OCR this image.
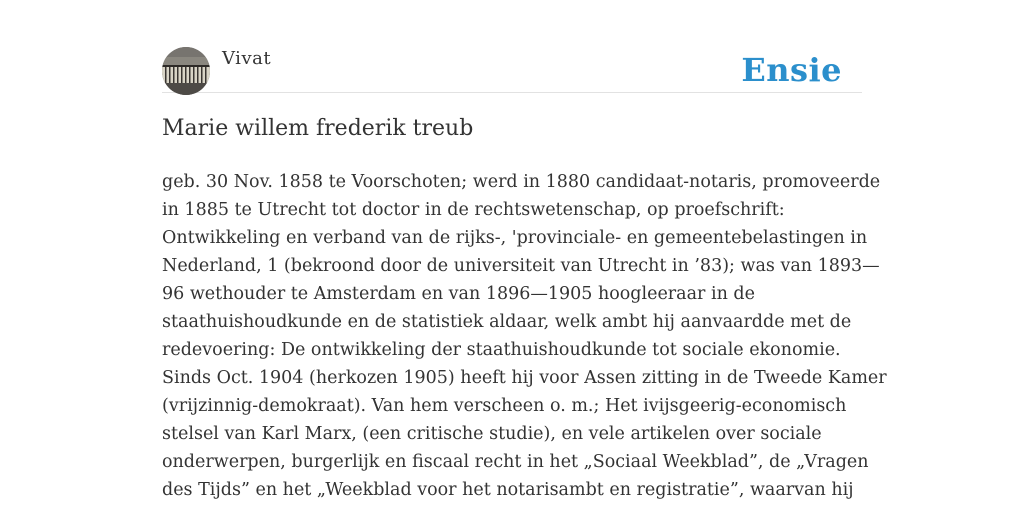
Vivat	Ensie
Marie willem frederik treub
geb. 30 Nov. 1858 te Voorschoten; werd in 1880 candidaat-notaris, promoveerde
in 1885 te Utrecht tot doctor in de rechtswetenschap, op proefschrift:
Ontwikkeling en verband van de rijks-, 'provinciale- en gemeentebelastingen in
Nederland, 1 (bekroond door de universiteit van Utrecht in ’83); was van 1893—
96 wethouder te Amsterdam en van 1896—1905 hoogleeraar in de
staathuishoudkunde en de statistiek aldaar, welk ambt hij aanvaardde met de
redevoering: De ontwikkeling der staathuishoudkunde tot sociale ekonomie.
Sinds Oct. 1904 (herkozen 1905) heeft hij voor Assen zitting in de Tweede Kamer
(vrijzinnig-demokraat). Van hem verscheen o. m.; Het ivijsgeerig-economisch
stelsel van Karl Marx, (een critische studie), en vele artikelen over sociale
onderwerpen, burgerlijk en fiscaal recht in het „Sociaal Weekblad”, de „Vragen
des Tijds” en het „Weekblad voor het notarisambt en registratie”, waarvan hij
